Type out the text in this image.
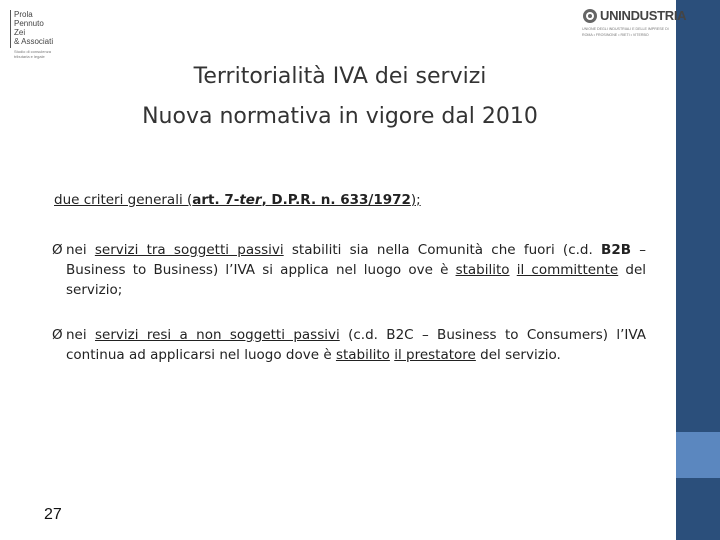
Prola
Pennuto
Zei
& Associati
Studio di consulenza
tributaria e legale
UNINDUSTRIA
UNIONE DEGLI INDUSTRIALI E DELLE IMPRESE DI ROMA • FROSINONE • RIETI • VITERBO
Territorialità IVA dei servizi
Nuova normativa in vigore dal 2010
due criteri generali (art. 7-ter, D.P.R. n. 633/1972);
Ø nei servizi tra soggetti passivi stabiliti sia nella Comunità che fuori (c.d. B2B – Business to Business) l’IVA si applica nel luogo ove è stabilito il committente del servizio;
Ø nei servizi resi a non soggetti passivi (c.d. B2C – Business to Consumers) l’IVA continua ad applicarsi nel luogo dove è stabilito il prestatore del servizio.
27
